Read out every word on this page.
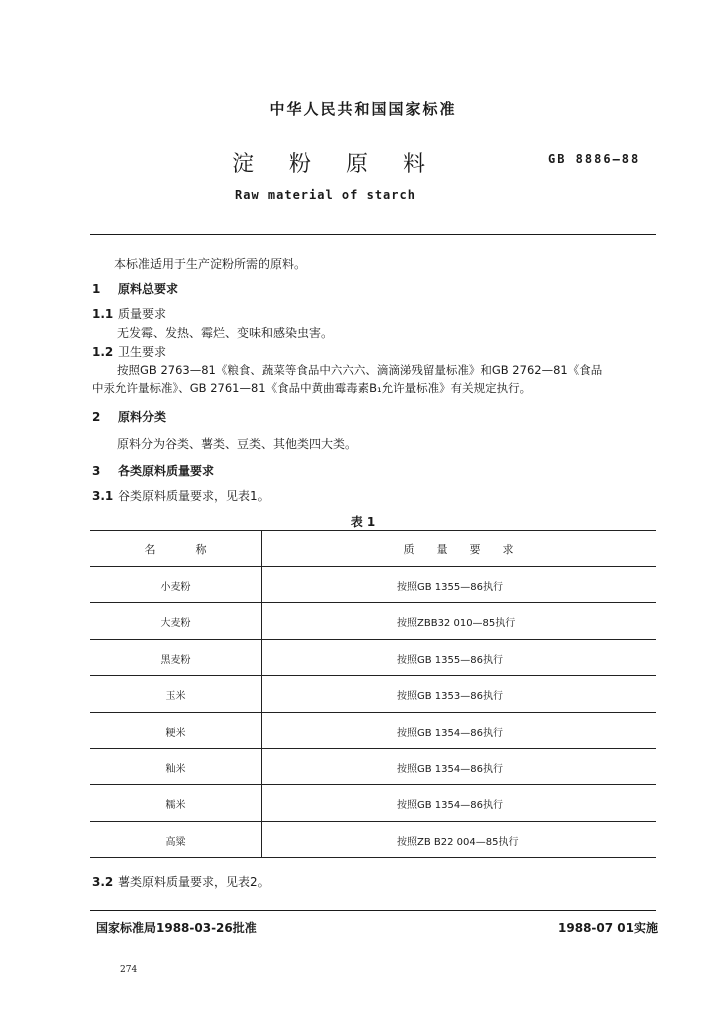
中华人民共和国国家标准
淀 粉 原 料	GB 8886—88
Raw material of starch
本标准适用于生产淀粉所需的原料。
1 原料总要求
1.1 质量要求
无发霉、发热、霉烂、变味和感染虫害。
1.2 卫生要求
按照GB 2763—81《粮食、蔬菜等食品中六六六、滴滴涕残留量标准》和GB 2762—81《食品
中汞允许量标准》、GB 2761—81《食品中黄曲霉毒素B₁允许量标准》有关规定执行。
2 原料分类
原料分为谷类、薯类、豆类、其他类四大类。
3 各类原料质量要求
3.1 谷类原料质量要求，见表1。
表 1
名称	质量要求
小麦粉	按照GB 1355—86执行
大麦粉	按照ZBB32 010—85执行
黑麦粉	按照GB 1355—86执行
玉米	按照GB 1353—86执行
粳米	按照GB 1354—86执行
籼米	按照GB 1354—86执行
糯米	按照GB 1354—86执行
高粱	按照ZB B22 004—85执行
3.2 薯类原料质量要求，见表2。
国家标准局1988-03-26批准	1988-07 01实施
274
